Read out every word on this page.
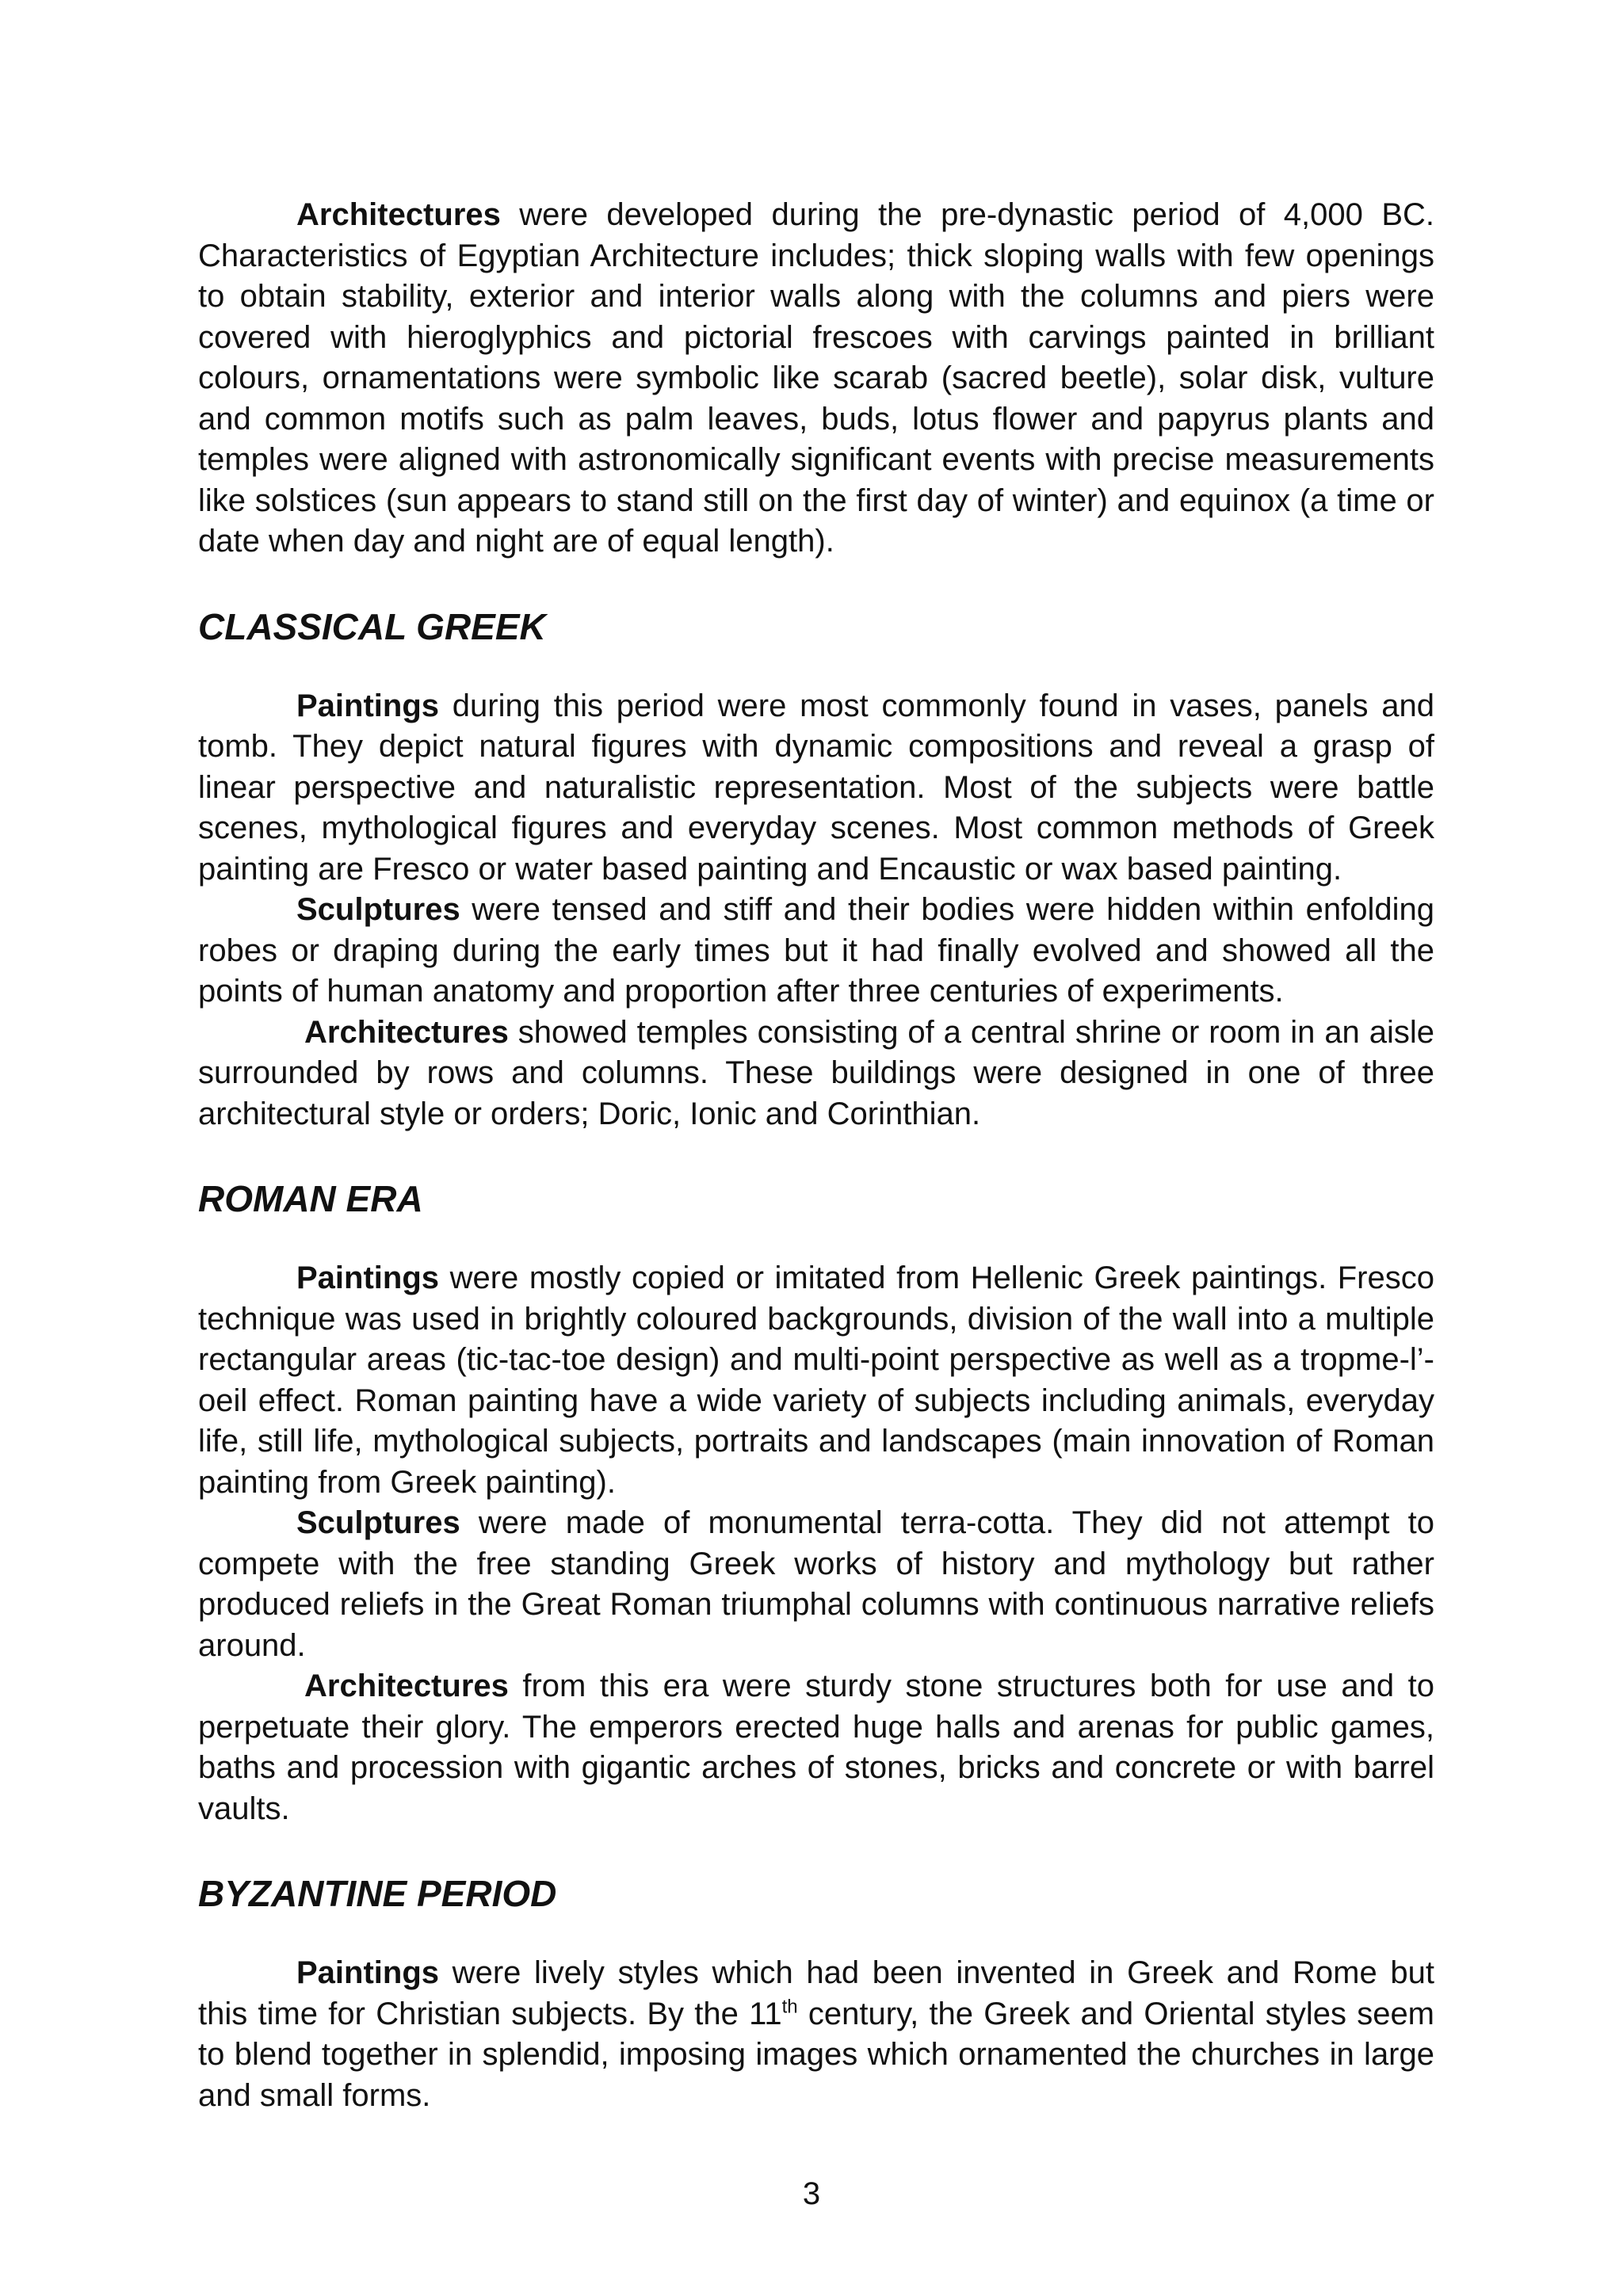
Architectures were developed during the pre-dynastic period of 4,000 BC. Characteristics of Egyptian Architecture includes; thick sloping walls with few openings to obtain stability, exterior and interior walls along with the columns and piers were covered with hieroglyphics and pictorial frescoes with carvings painted in brilliant colours, ornamentations were symbolic like scarab (sacred beetle), solar disk, vulture and common motifs such as palm leaves, buds, lotus flower and papyrus plants and temples were aligned with astronomically significant events with precise measurements like solstices (sun appears to stand still on the first day of winter) and equinox (a time or date when day and night are of equal length).

CLASSICAL GREEK

Paintings during this period were most commonly found in vases, panels and tomb. They depict natural figures with dynamic compositions and reveal a grasp of linear perspective and naturalistic representation. Most of the subjects were battle scenes, mythological figures and everyday scenes. Most common methods of Greek painting are Fresco or water based painting and Encaustic or wax based painting.

Sculptures were tensed and stiff and their bodies were hidden within enfolding robes or draping during the early times but it had finally evolved and showed all the points of human anatomy and proportion after three centuries of experiments.

Architectures showed temples consisting of a central shrine or room in an aisle surrounded by rows and columns. These buildings were designed in one of three architectural style or orders; Doric, Ionic and Corinthian.

ROMAN ERA

Paintings were mostly copied or imitated from Hellenic Greek paintings. Fresco technique was used in brightly coloured backgrounds, division of the wall into a multiple rectangular areas (tic-tac-toe design) and multi-point perspective as well as a tropme-l’-oeil effect. Roman painting have a wide variety of subjects including animals, everyday life, still life, mythological subjects, portraits and landscapes (main innovation of Roman painting from Greek painting).

Sculptures were made of monumental terra-cotta. They did not attempt to compete with the free standing Greek works of history and mythology but rather produced reliefs in the Great Roman triumphal columns with continuous narrative reliefs around.

Architectures from this era were sturdy stone structures both for use and to perpetuate their glory. The emperors erected huge halls and arenas for public games, baths and procession with gigantic arches of stones, bricks and concrete or with barrel vaults.

BYZANTINE PERIOD

Paintings were lively styles which had been invented in Greek and Rome but this time for Christian subjects. By the 11th century, the Greek and Oriental styles seem to blend together in splendid, imposing images which ornamented the churches in large and small forms.

3
